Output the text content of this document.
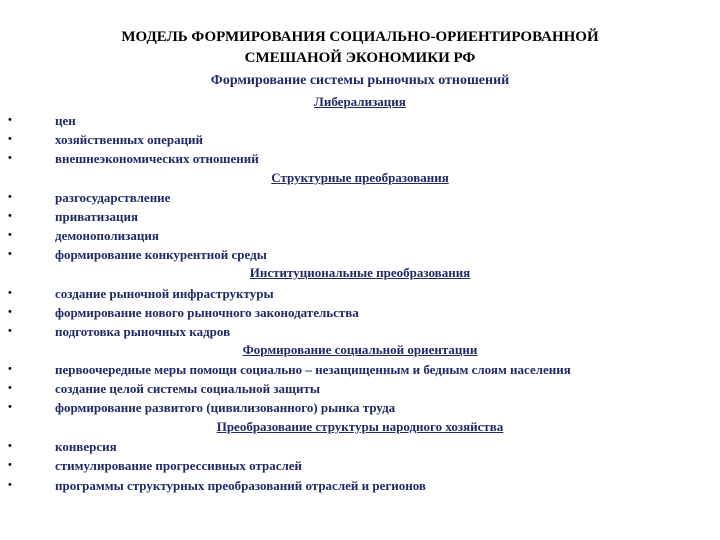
МОДЕЛЬ ФОРМИРОВАНИЯ СОЦИАЛЬНО-ОРИЕНТИРОВАННОЙ
СМЕШАНОЙ ЭКОНОМИКИ РФ
Формирование системы рыночных отношений
Либерализация
•	цен
•	хозяйственных операций
•	внешнеэкономических отношений
Структурные преобразования
•	разгосударствление
•	приватизация
•	демонополизация
•	формирование конкурентной среды
Институциональные преобразования
•	создание рыночной инфраструктуры
•	формирование нового рыночного законодательства
•	подготовка рыночных кадров
Формирование социальной ориентации
•	первоочередные меры помощи социально – незащищенным и бедным слоям населения
•	создание целой системы социальной защиты
•	формирование развитого (цивилизованного) рынка труда
Преобразование структуры народного хозяйства
•	конверсия
•	стимулирование прогрессивных отраслей
•	программы структурных преобразований отраслей и регионов
